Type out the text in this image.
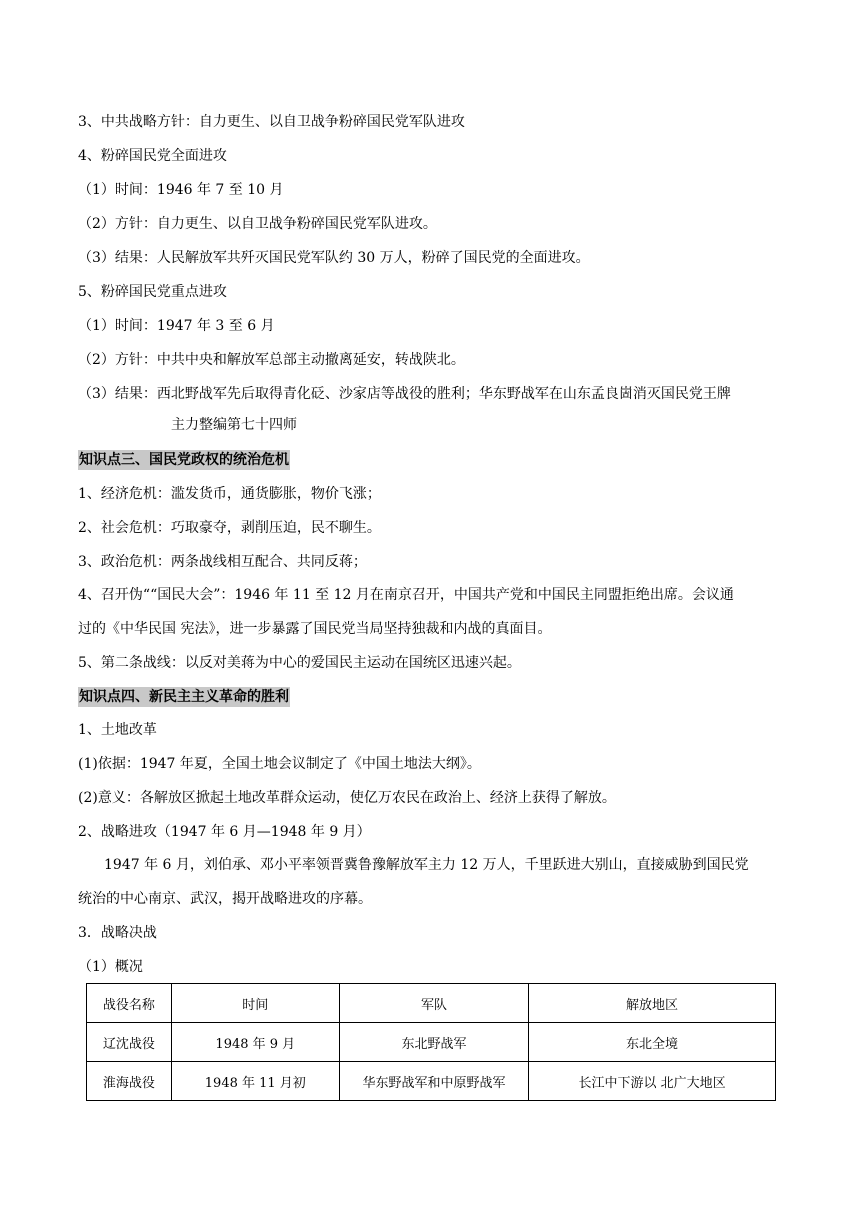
3、中共战略方针：自力更生、以自卫战争粉碎国民党军队进攻
4、粉碎国民党全面进攻
（1）时间：1946 年 7 至 10 月
（2）方针：自力更生、以自卫战争粉碎国民党军队进攻。
（3）结果：人民解放军共歼灭国民党军队约 30 万人，粉碎了国民党的全面进攻。
5、粉碎国民党重点进攻
（1）时间：1947 年 3 至 6 月
（2）方针：中共中央和解放军总部主动撤离延安，转战陕北。
（3）结果：西北野战军先后取得青化砭、沙家店等战役的胜利；华东野战军在山东孟良崮消灭国民党王牌
主力整编第七十四师
知识点三、国民党政权的统治危机
1、经济危机：滥发货币，通货膨胀，物价飞涨；
2、社会危机：巧取豪夺，剥削压迫，民不聊生。
3、政治危机：两条战线相互配合、共同反蒋；
4、召开伪““国民大会”：1946 年 11 至 12 月在南京召开，中国共产党和中国民主同盟拒绝出席。会议通
过的《中华民国 宪法》，进一步暴露了国民党当局坚持独裁和内战的真面目。
5、第二条战线：以反对美蒋为中心的爱国民主运动在国统区迅速兴起。
知识点四、新民主主义革命的胜利
1、土地改革
(1)依据：1947 年夏，全国土地会议制定了《中国土地法大纲》。
(2)意义：各解放区掀起土地改革群众运动，使亿万农民在政治上、经济上获得了解放。
2、战略进攻（1947 年 6 月—1948 年 9 月）
1947 年 6 月，刘伯承、邓小平率领晋冀鲁豫解放军主力 12 万人，千里跃进大别山，直接威胁到国民党
统治的中心南京、武汉，揭开战略进攻的序幕。
3．战略决战
（1）概况
战役名称	时间	军队	解放地区
辽沈战役	1948 年 9 月	东北野战军	东北全境
淮海战役	1948 年 11 月初	华东野战军和中原野战军	长江中下游以 北广大地区
